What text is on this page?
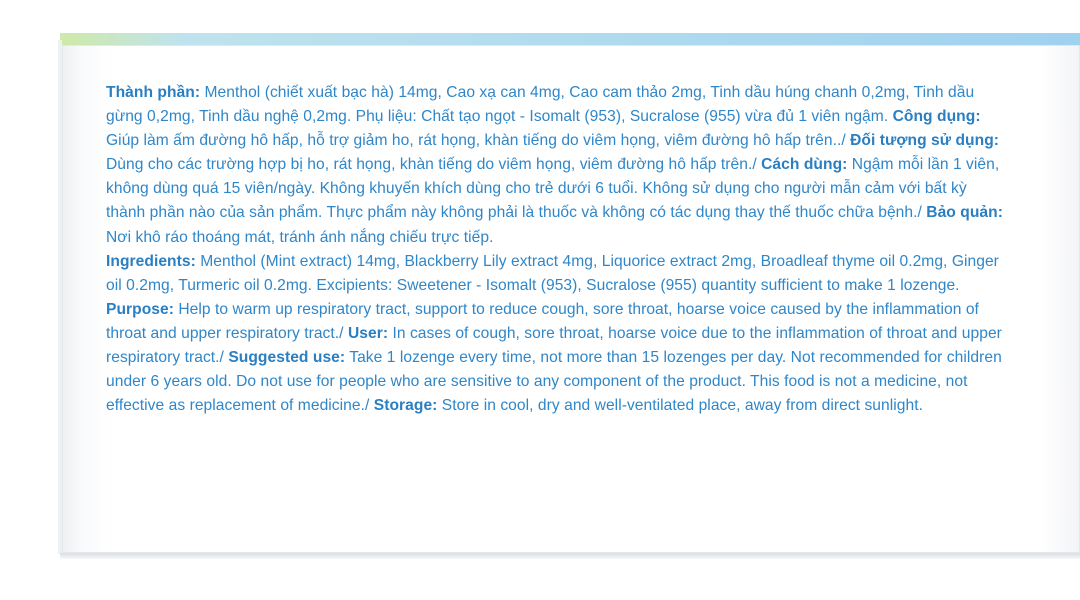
Thành phần: Menthol (chiết xuất bạc hà) 14mg, Cao xạ can 4mg, Cao cam thảo 2mg, Tinh dầu húng chanh 0,2mg, Tinh dầu gừng 0,2mg, Tinh dầu nghệ 0,2mg. Phụ liệu: Chất tạo ngọt - Isomalt (953), Sucralose (955) vừa đủ 1 viên ngậm. Công dụng: Giúp làm ấm đường hô hấp, hỗ trợ giảm ho, rát họng, khàn tiếng do viêm họng, viêm đường hô hấp trên../ Đối tượng sử dụng: Dùng cho các trường hợp bị ho, rát họng, khàn tiếng do viêm họng, viêm đường hô hấp trên./ Cách dùng: Ngậm mỗi lần 1 viên, không dùng quá 15 viên/ngày. Không khuyến khích dùng cho trẻ dưới 6 tuổi. Không sử dụng cho người mẫn cảm với bất kỳ thành phần nào của sản phẩm. Thực phẩm này không phải là thuốc và không có tác dụng thay thế thuốc chữa bệnh./ Bảo quản: Nơi khô ráo thoáng mát, tránh ánh nắng chiếu trực tiếp.
Ingredients: Menthol (Mint extract) 14mg, Blackberry Lily extract 4mg, Liquorice extract 2mg, Broadleaf thyme oil 0.2mg, Ginger oil 0.2mg, Turmeric oil 0.2mg. Excipients: Sweetener - Isomalt (953), Sucralose (955) quantity sufficient to make 1 lozenge. Purpose: Help to warm up respiratory tract, support to reduce cough, sore throat, hoarse voice caused by the inflammation of throat and upper respiratory tract./ User: In cases of cough, sore throat, hoarse voice due to the inflammation of throat and upper respiratory tract./ Suggested use: Take 1 lozenge every time, not more than 15 lozenges per day. Not recommended for children under 6 years old. Do not use for people who are sensitive to any component of the product. This food is not a medicine, not effective as replacement of medicine./ Storage: Store in cool, dry and well-ventilated place, away from direct sunlight.
